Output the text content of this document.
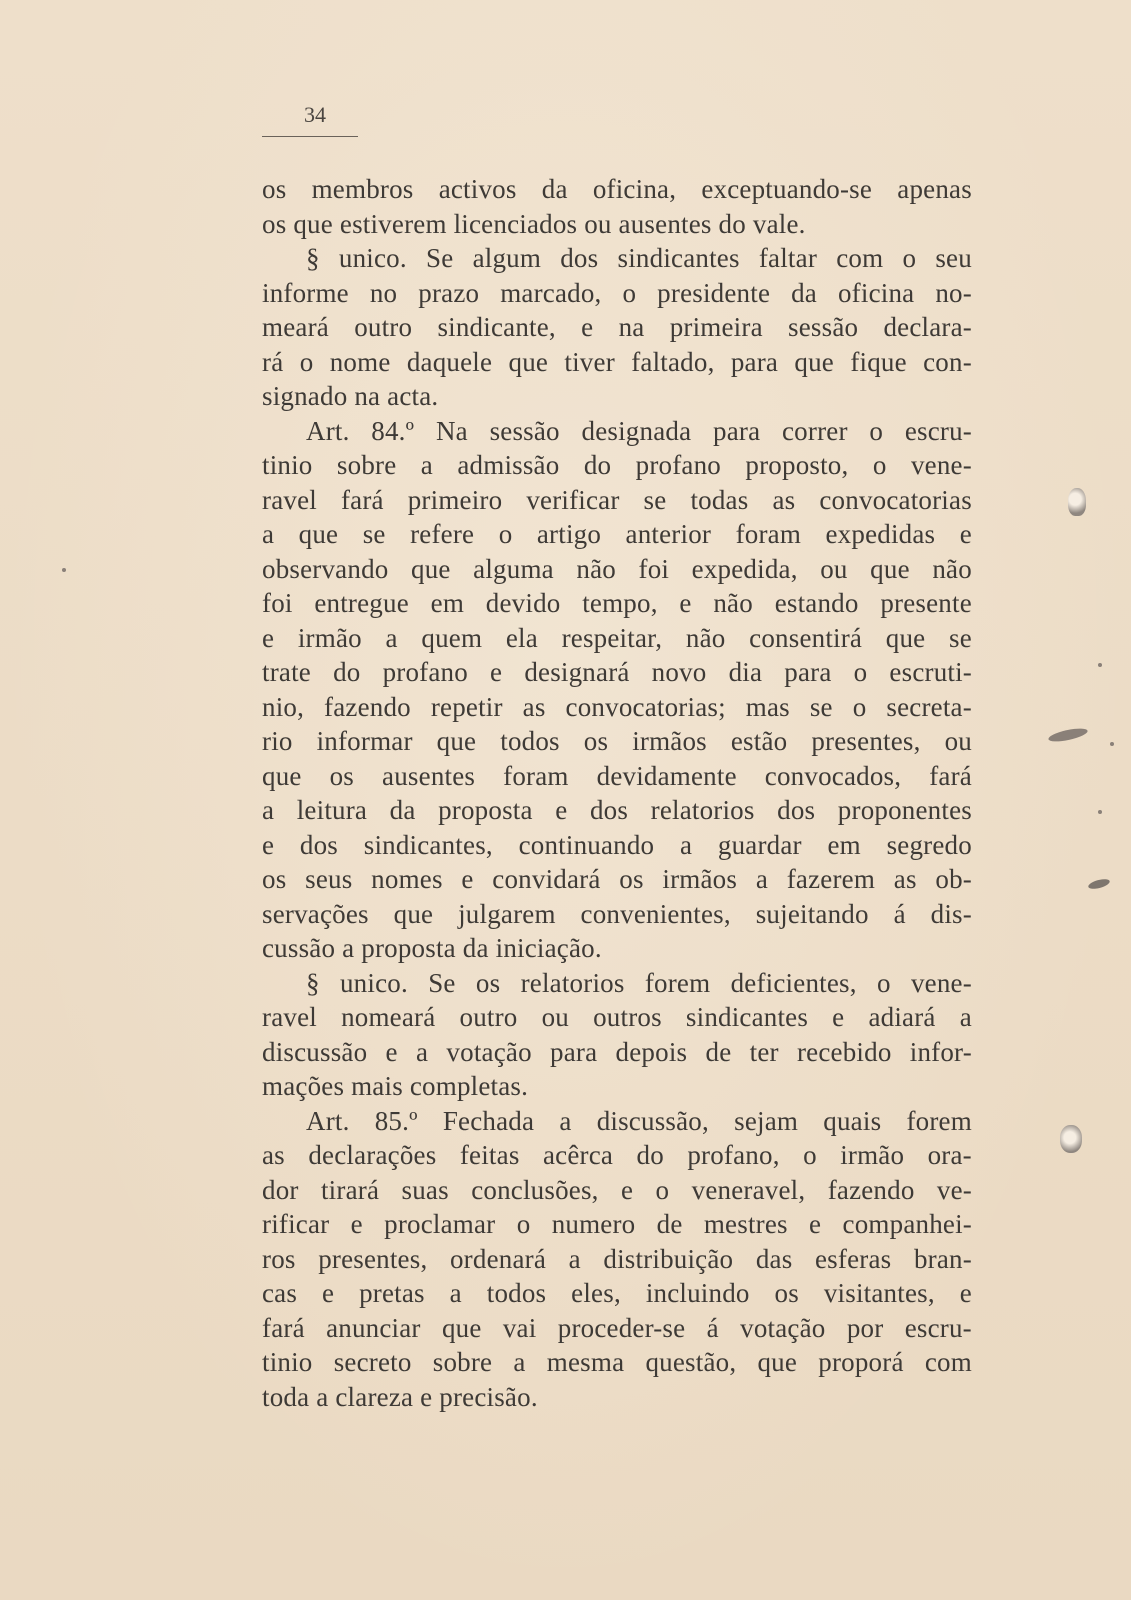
34
os membros activos da oficina, exceptuando-se apenas
os que estiverem licenciados ou ausentes do vale.
§ unico. Se algum dos sindicantes faltar com o seu
informe no prazo marcado, o presidente da oficina no-
meará outro sindicante, e na primeira sessão declara-
rá o nome daquele que tiver faltado, para que fique con-
signado na acta.
Art. 84.º Na sessão designada para correr o escru-
tinio sobre a admissão do profano proposto, o vene-
ravel fará primeiro verificar se todas as convocatorias
a que se refere o artigo anterior foram expedidas e
observando que alguma não foi expedida, ou que não
foi entregue em devido tempo, e não estando presente
e irmão a quem ela respeitar, não consentirá que se
trate do profano e designará novo dia para o escruti-
nio, fazendo repetir as convocatorias; mas se o secreta-
rio informar que todos os irmãos estão presentes, ou
que os ausentes foram devidamente convocados, fará
a leitura da proposta e dos relatorios dos proponentes
e dos sindicantes, continuando a guardar em segredo
os seus nomes e convidará os irmãos a fazerem as ob-
servações que julgarem convenientes, sujeitando á dis-
cussão a proposta da iniciação.
§ unico. Se os relatorios forem deficientes, o vene-
ravel nomeará outro ou outros sindicantes e adiará a
discussão e a votação para depois de ter recebido infor-
mações mais completas.
Art. 85.º Fechada a discussão, sejam quais forem
as declarações feitas acêrca do profano, o irmão ora-
dor tirará suas conclusões, e o veneravel, fazendo ve-
rificar e proclamar o numero de mestres e companhei-
ros presentes, ordenará a distribuição das esferas bran-
cas e pretas a todos eles, incluindo os visitantes, e
fará anunciar que vai proceder-se á votação por escru-
tinio secreto sobre a mesma questão, que proporá com
toda a clareza e precisão.
